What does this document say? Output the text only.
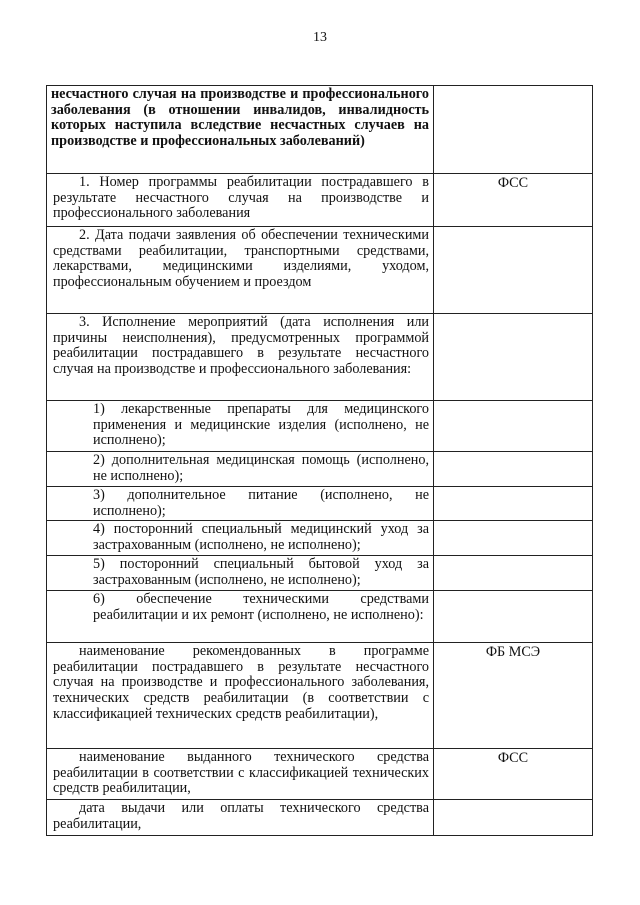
13
несчастного случая на производстве и профессионального заболевания (в отношении инвалидов, инвалидность которых наступила вследствие несчастных случаев на производстве и профессиональных заболеваний)	
1. Номер программы реабилитации пострадавшего в результате несчастного случая на производстве и профессионального заболевания	ФСС
2. Дата подачи заявления об обеспечении техническими средствами реабилитации, транспортными средствами, лекарствами, медицинскими изделиями, уходом, профессиональным обучением и проездом	
3. Исполнение мероприятий (дата исполнения или причины неисполнения), предусмотренных программой реабилитации пострадавшего в результате несчастного случая на производстве и профессионального заболевания:	
1) лекарственные препараты для медицинского применения и медицинские изделия (исполнено, не исполнено);	
2) дополнительная медицинская помощь (исполнено, не исполнено);	
3) дополнительное питание (исполнено, не исполнено);	
4) посторонний специальный медицинский уход за застрахованным (исполнено, не исполнено);	
5) посторонний специальный бытовой уход за застрахованным (исполнено, не исполнено);	
6) обеспечение техническими средствами реабилитации и их ремонт (исполнено, не исполнено):	
наименование рекомендованных в программе реабилитации пострадавшего в результате несчастного случая на производстве и профессионального заболевания, технических средств реабилитации (в соответствии с классификацией технических средств реабилитации),	ФБ МСЭ
наименование выданного технического средства реабилитации в соответствии с классификацией технических средств реабилитации,	ФСС
дата выдачи или оплаты технического средства реабилитации,	
